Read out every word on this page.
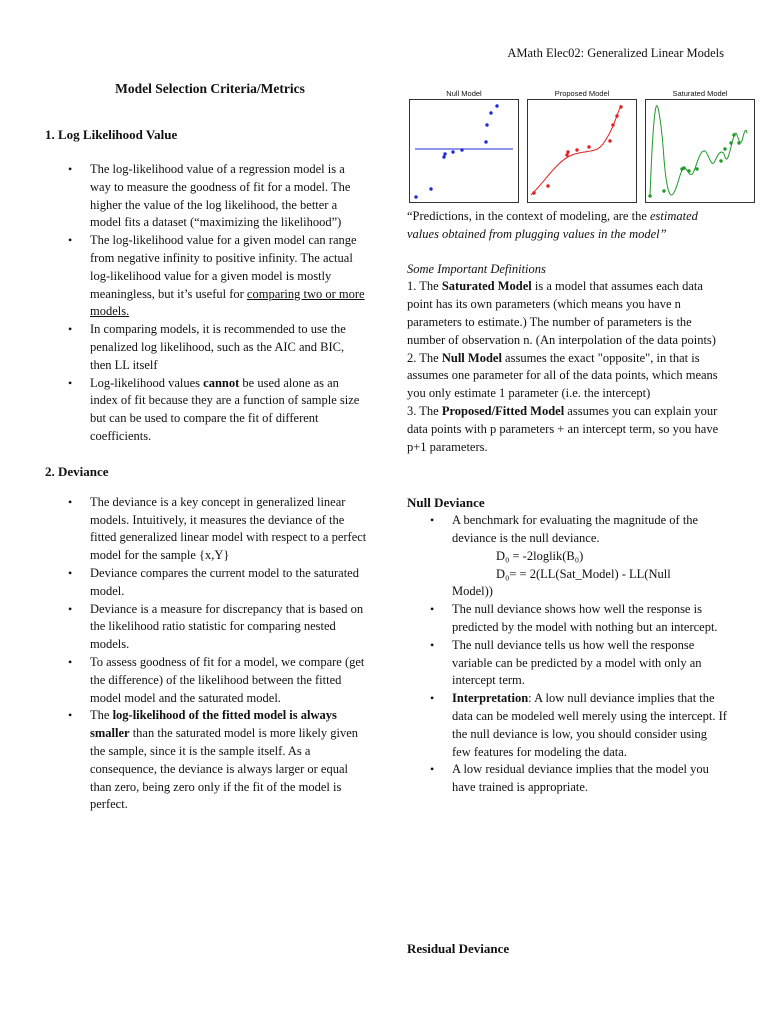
AMath Elec02: Generalized Linear Models
Model Selection Criteria/Metrics
1. Log Likelihood Value
• The log-likelihood value of a regression model is a way to measure the goodness of fit for a model. The higher the value of the log likelihood, the better a model fits a dataset (“maximizing the likelihood”)
• The log-likelihood value for a given model can range from negative infinity to positive infinity. The actual log-likelihood value for a given model is mostly meaningless, but it’s useful for comparing two or more models.
• In comparing models, it is recommended to use the penalized log likelihood, such as the AIC and BIC, then LL itself
• Log-likelihood values cannot be used alone as an index of fit because they are a function of sample size but can be used to compare the fit of different coefficients.
2. Deviance
• The deviance is a key concept in generalized linear models. Intuitively, it measures the deviance of the fitted generalized linear model with respect to a perfect model for the sample {x,Y}
• Deviance compares the current model to the saturated model.
• Deviance is a measure for discrepancy that is based on the likelihood ratio statistic for comparing nested models.
• To assess goodness of fit for a model, we compare (get the difference) of the likelihood between the fitted model model and the saturated model.
• The log-likelihood of the fitted model is always smaller than the saturated model is more likely given the sample, since it is the sample itself. As a consequence, the deviance is always larger or equal than zero, being zero only if the fit of the model is perfect.
Null Model	Proposed Model	Saturated Model
“Predictions, in the context of modeling, are the estimated values obtained from plugging values in the model”
Some Important Definitions
1. The Saturated Model is a model that assumes each data point has its own parameters (which means you have n parameters to estimate.) The number of parameters is the number of observation n. (An interpolation of the data points)
2. The Null Model assumes the exact "opposite", in that is assumes one parameter for all of the data points, which means you only estimate 1 parameter (i.e. the intercept)
3. The Proposed/Fitted Model assumes you can explain your data points with p parameters + an intercept term, so you have p+1 parameters.
Null Deviance
• A benchmark for evaluating the magnitude of the deviance is the null deviance.
D₀ = -2loglik(B₀)
D₀= = 2(LL(Sat_Model) - LL(Null
Model))
• The null deviance shows how well the response is predicted by the model with nothing but an intercept.
• The null deviance tells us how well the response variable can be predicted by a model with only an intercept term.
• Interpretation: A low null deviance implies that the data can be modeled well merely using the intercept. If the null deviance is low, you should consider using few features for modeling the data.
• A low residual deviance implies that the model you have trained is appropriate.
Residual Deviance
